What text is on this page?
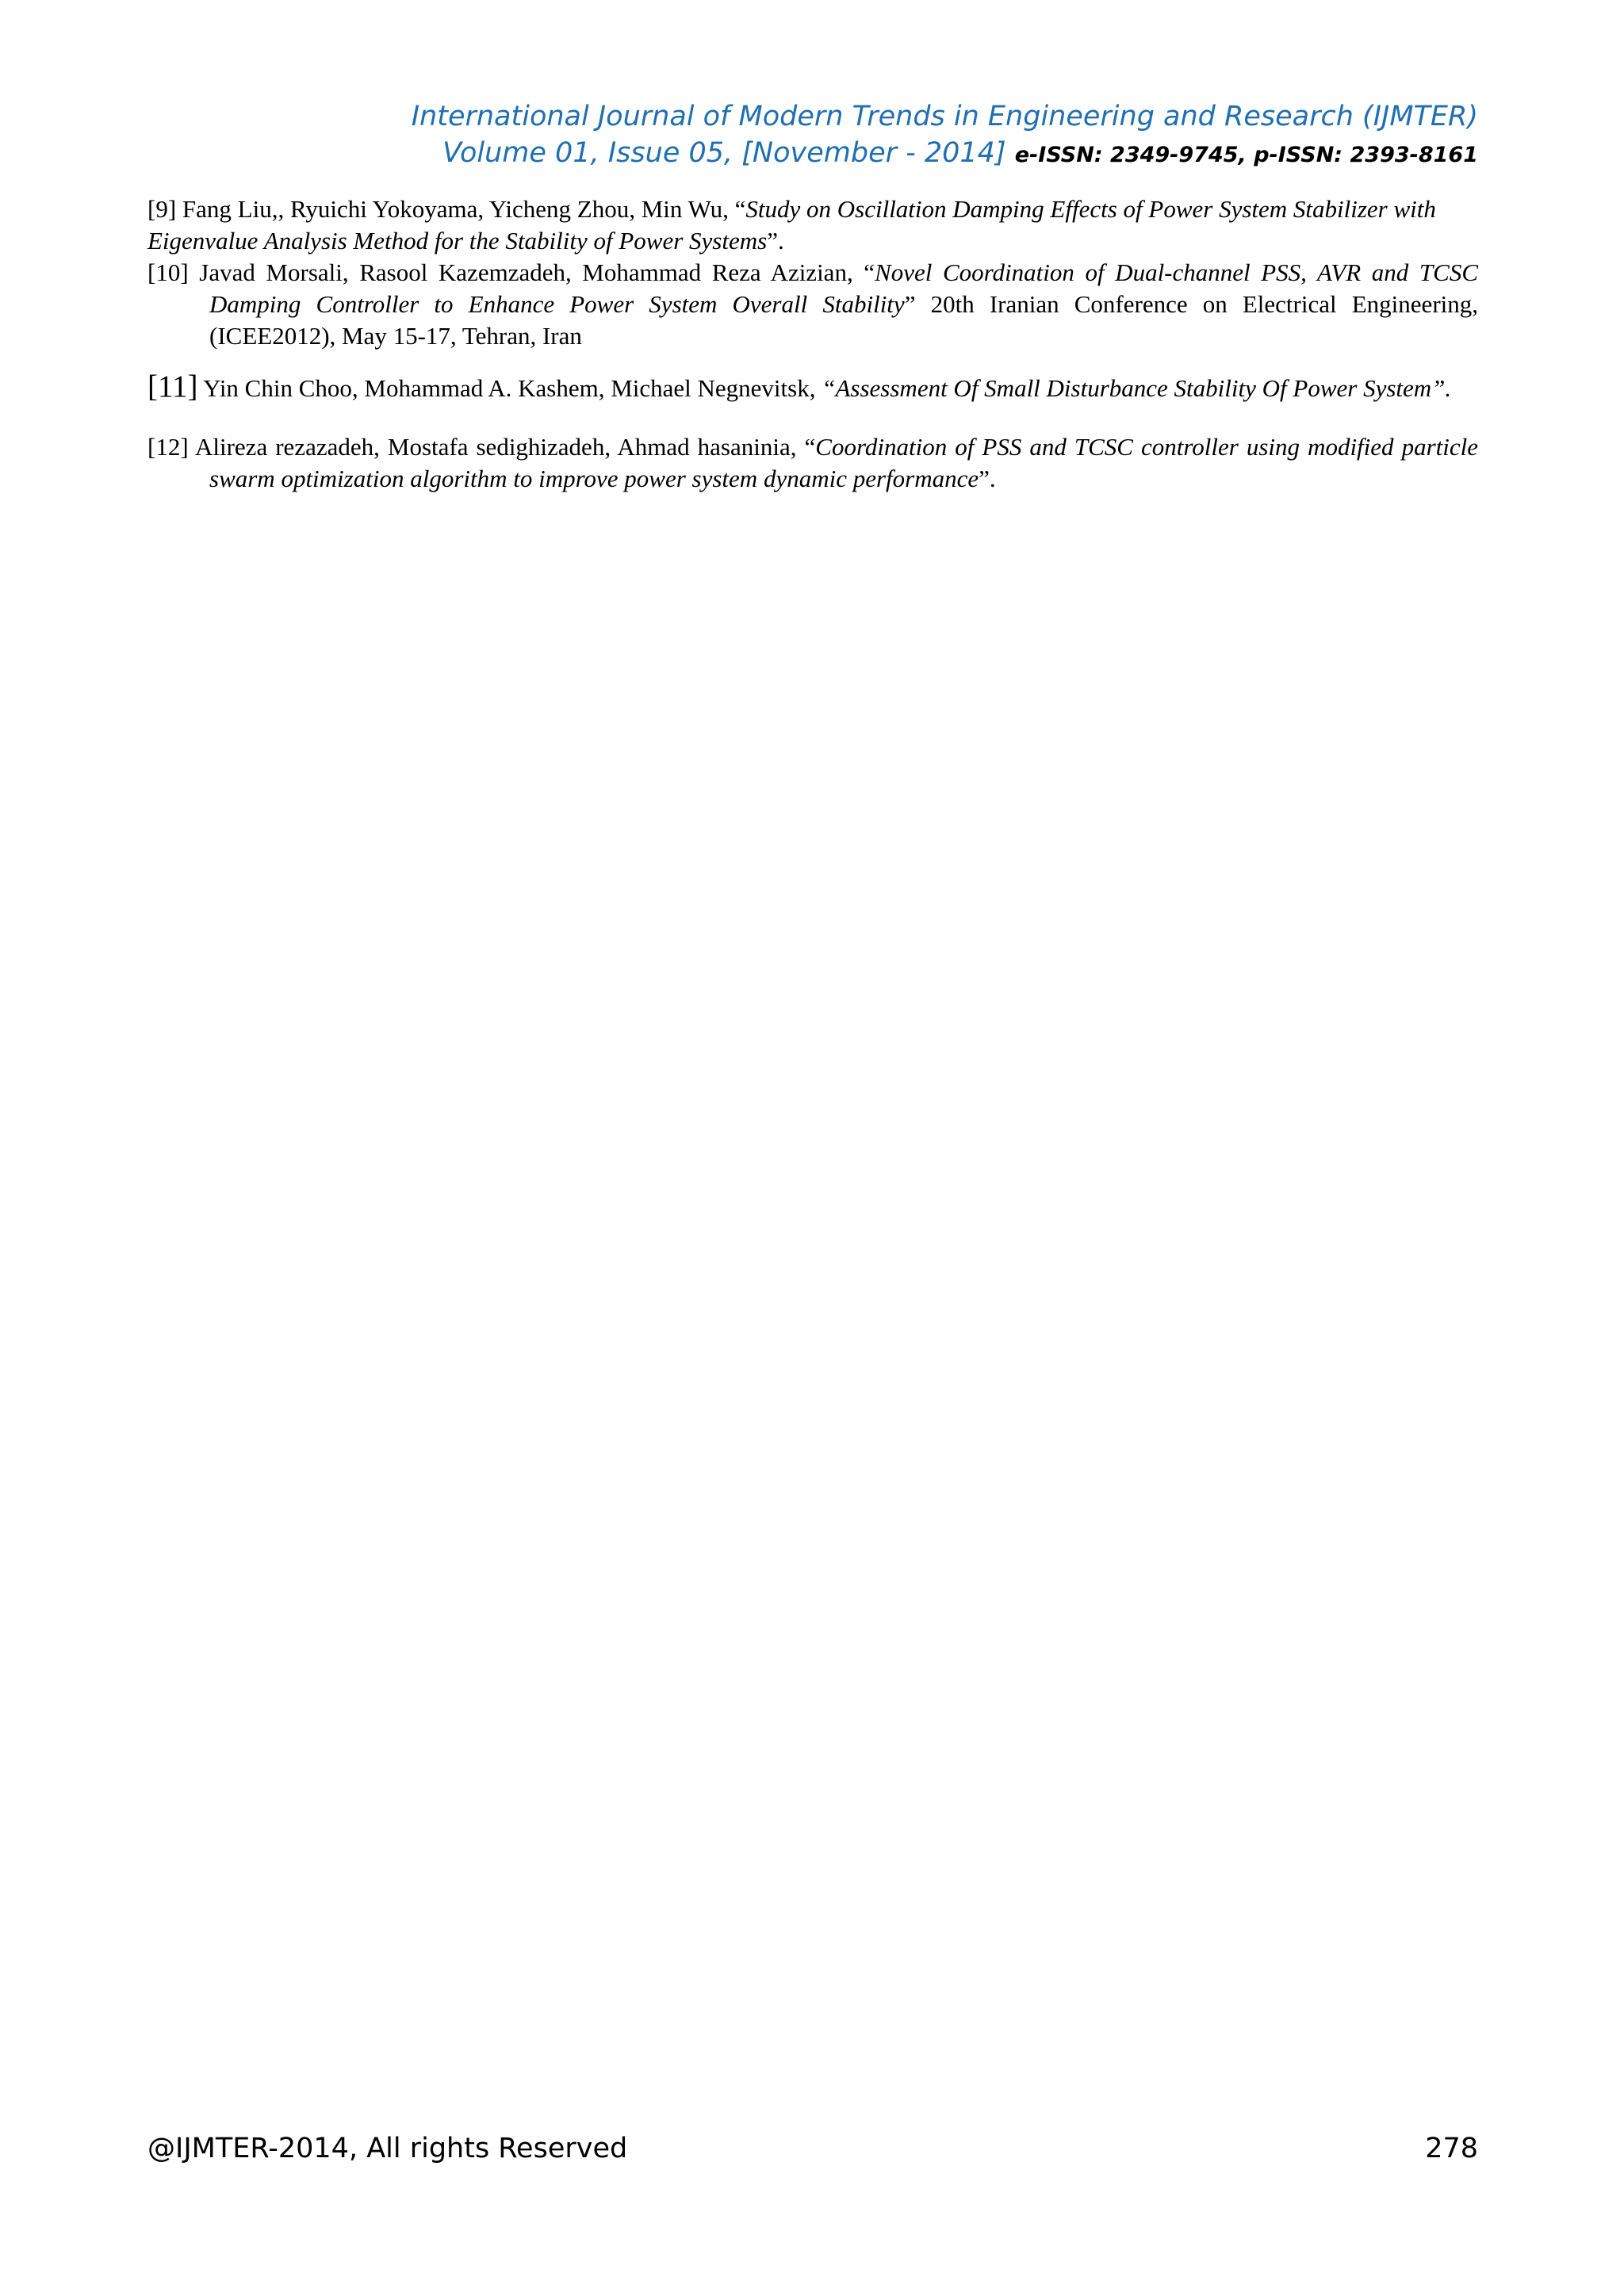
International Journal of Modern Trends in Engineering and Research (IJMTER)
Volume 01, Issue 05, [November - 2014] e-ISSN: 2349-9745, p-ISSN: 2393-8161
[9] Fang Liu,, Ryuichi Yokoyama, Yicheng Zhou, Min Wu, “Study on Oscillation Damping Effects of Power System Stabilizer with Eigenvalue Analysis Method for the Stability of Power Systems”.
[10] Javad Morsali, Rasool Kazemzadeh, Mohammad Reza Azizian, “Novel Coordination of Dual-channel PSS, AVR and TCSC Damping Controller to Enhance Power System Overall Stability” 20th Iranian Conference on Electrical Engineering, (ICEE2012), May 15-17, Tehran, Iran
[11] Yin Chin Choo, Mohammad A. Kashem, Michael Negnevitsk, “Assessment Of Small Disturbance Stability Of Power System”.
[12] Alireza rezazadeh, Mostafa sedighizadeh, Ahmad hasaninia, “Coordination of PSS and TCSC controller using modified particle swarm optimization algorithm to improve power system dynamic performance”.
@IJMTER-2014, All rights Reserved	278
